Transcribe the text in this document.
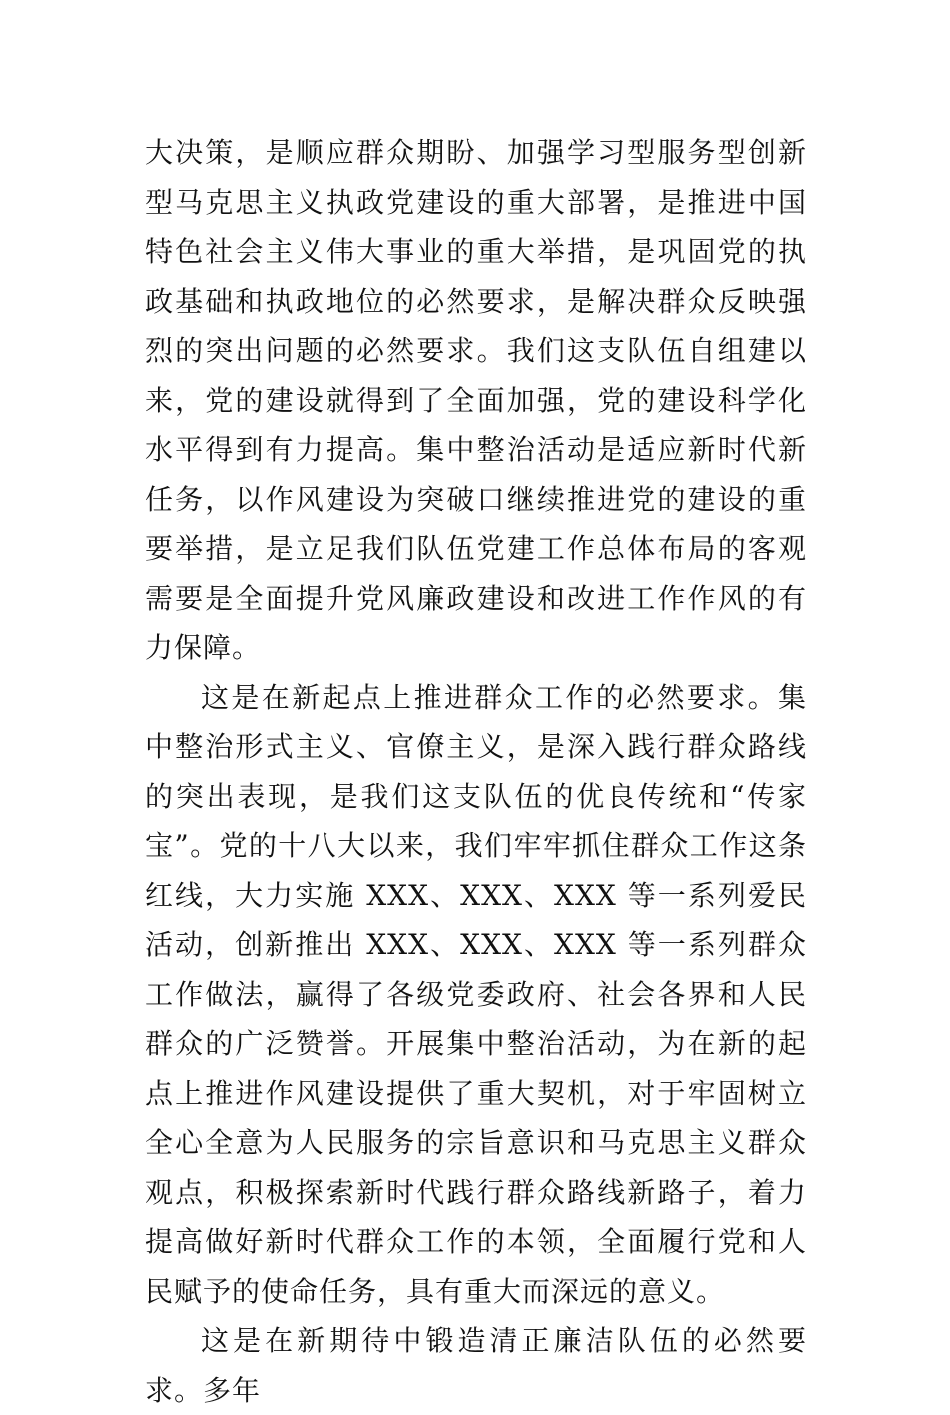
大决策，是顺应群众期盼、加强学习型服务型创新型马克思主义执政党建设的重大部署，是推进中国特色社会主义伟大事业的重大举措，是巩固党的执政基础和执政地位的必然要求，是解决群众反映强烈的突出问题的必然要求。我们这支队伍自组建以来，党的建设就得到了全面加强，党的建设科学化水平得到有力提高。集中整治活动是适应新时代新任务，以作风建设为突破口继续推进党的建设的重要举措，是立足我们队伍党建工作总体布局的客观需要是全面提升党风廉政建设和改进工作作风的有力保障。

这是在新起点上推进群众工作的必然要求。集中整治形式主义、官僚主义，是深入践行群众路线的突出表现，是我们这支队伍的优良传统和“传家宝”。党的十八大以来，我们牢牢抓住群众工作这条红线，大力实施 XXX、XXX、XXX 等一系列爱民活动，创新推出 XXX、XXX、XXX 等一系列群众工作做法，赢得了各级党委政府、社会各界和人民群众的广泛赞誉。开展集中整治活动，为在新的起点上推进作风建设提供了重大契机，对于牢固树立全心全意为人民服务的宗旨意识和马克思主义群众观点，积极探索新时代践行群众路线新路子，着力提高做好新时代群众工作的本领，全面履行党和人民赋予的使命任务，具有重大而深远的意义。

这是在新期待中锻造清正廉洁队伍的必然要求。多年
